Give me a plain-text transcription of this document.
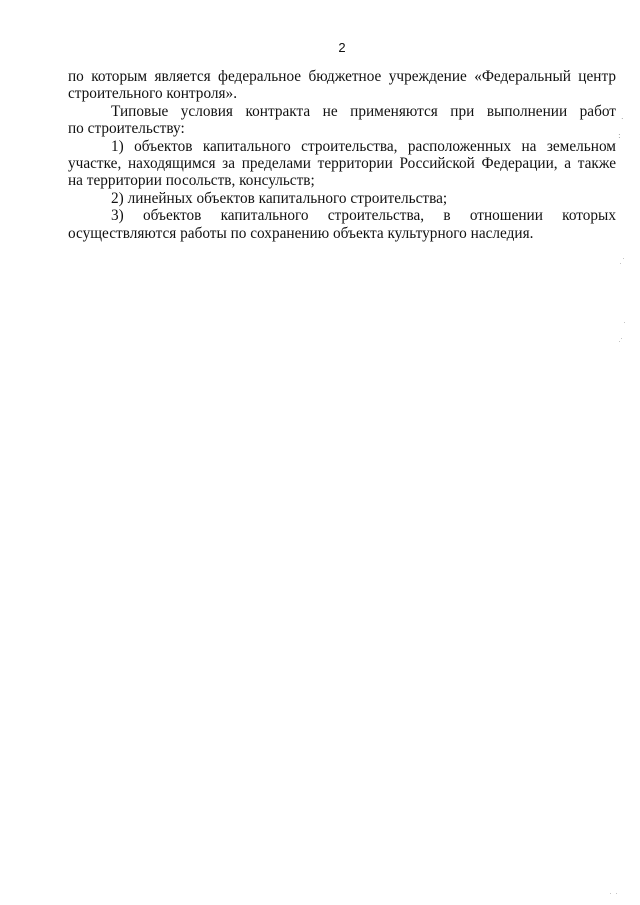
2
по которым является федеральное бюджетное учреждение «Федеральный центр
строительного контроля».
Типовые условия контракта не применяются при выполнении работ
по строительству:
1) объектов капитального строительства, расположенных на земельном
участке, находящимся за пределами территории Российской Федерации, а также
на территории посольств, консульств;
2) линейных объектов капитального строительства;
3) объектов капитального строительства, в отношении которых
осуществляются работы по сохранению объекта культурного наследия.
.
:
